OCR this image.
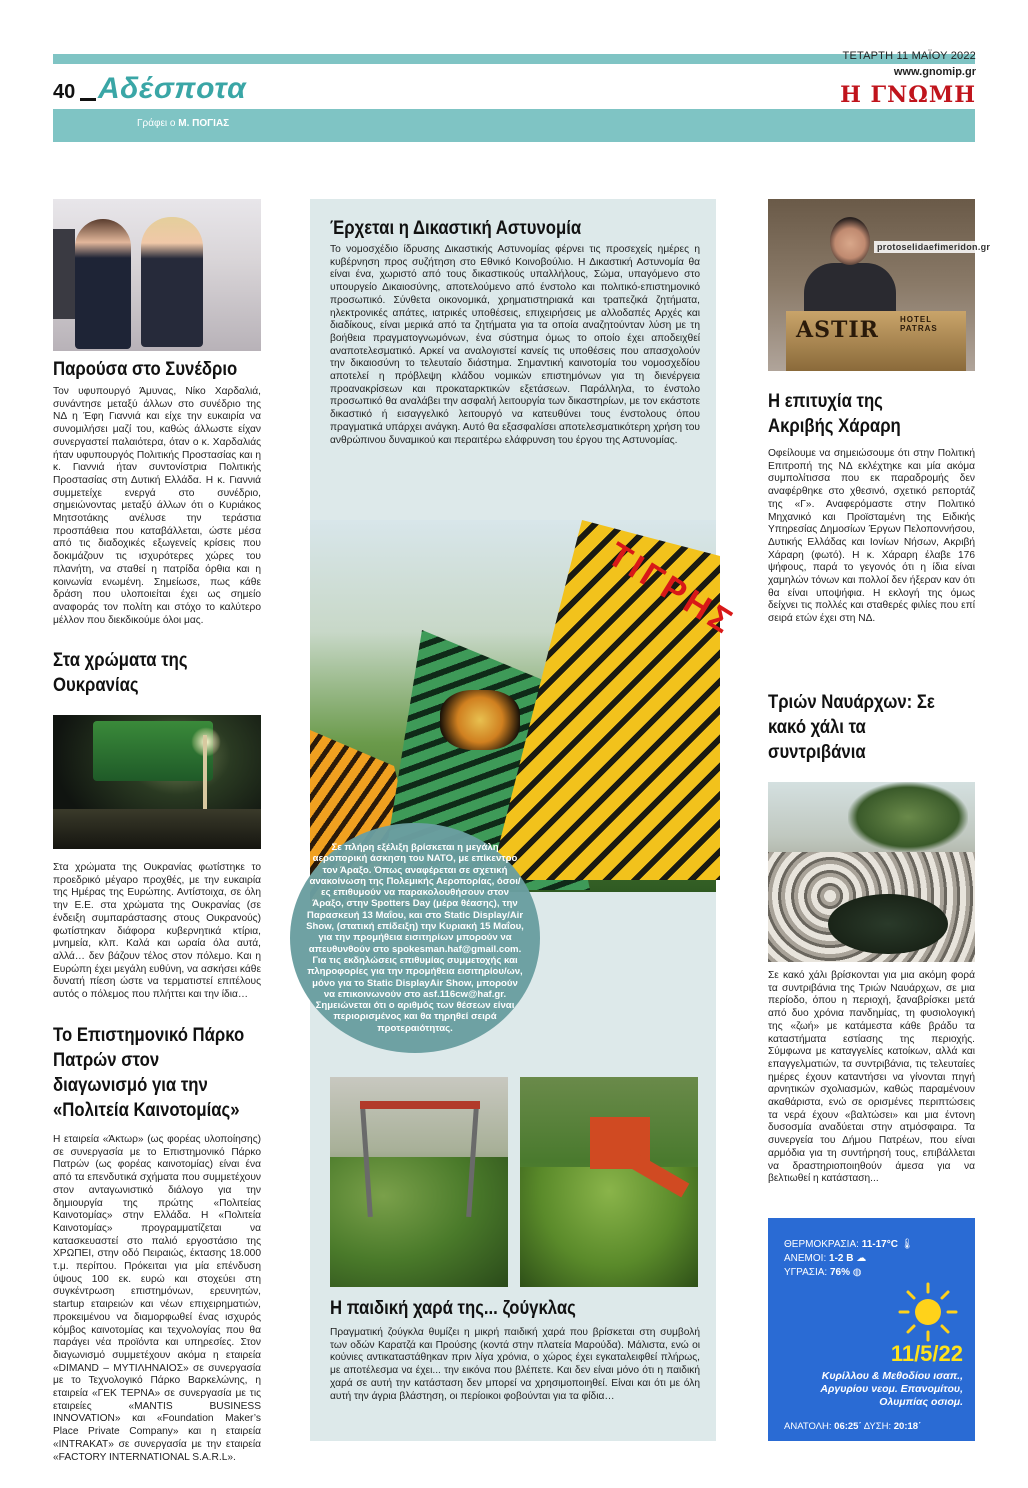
ΤΕΤΑΡΤΗ 11 ΜΑΪΟΥ 2022
www.gnomip.gr
40 Αδέσποτα	Η ΓΝΩΜΗ
Γράφει ο Μ. ΠΟΓΙΑΣ
Παρούσα στο Συνέδριο
Τον υφυπουργό Άμυνας, Νίκο Χαρδαλιά, συνάντησε μεταξύ άλλων στο συνέδριο της ΝΔ η Έφη Γιαννιά και είχε την ευκαιρία να συνομιλήσει μαζί του, καθώς άλλωστε είχαν συνεργαστεί παλαιότερα, όταν ο κ. Χαρδαλιάς ήταν υφυπουργός Πολιτικής Προστασίας και η κ. Γιαννιά ήταν συντονίστρια Πολιτικής Προστασίας στη Δυτική Ελλάδα. Η κ. Γιαννιά συμμετείχε ενεργά στο συνέδριο, σημειώνοντας μεταξύ άλλων ότι ο Κυριάκος Μητσοτάκης ανέλυσε την τεράστια προσπάθεια που καταβάλλεται, ώστε μέσα από τις διαδοχικές εξωγενείς κρίσεις που δοκιμάζουν τις ισχυρότερες χώρες του πλανήτη, να σταθεί η πατρίδα όρθια και η κοινωνία ενωμένη. Σημείωσε, πως κάθε δράση που υλοποιείται έχει ως σημείο αναφοράς τον πολίτη και στόχο το καλύτερο μέλλον που διεκδικούμε όλοι μας.
Στα χρώματα της Ουκρανίας
Στα χρώματα της Ουκρανίας φωτίστηκε το προεδρικό μέγαρο προχθές, με την ευκαιρία της Ημέρας της Ευρώπης. Αντίστοιχα, σε όλη την Ε.Ε. στα χρώματα της Ουκρανίας (σε ένδειξη συμπαράστασης στους Ουκρανούς) φωτίστηκαν διάφορα κυβερνητικά κτίρια, μνημεία, κλπ. Καλά και ωραία όλα αυτά, αλλά… δεν βάζουν τέλος στον πόλεμο. Και η Ευρώπη έχει μεγάλη ευθύνη, να ασκήσει κάθε δυνατή πίεση ώστε να τερματιστεί επιτέλους αυτός ο πόλεμος που πλήττει και την ίδια…
Το Επιστημονικό Πάρκο Πατρών στον διαγωνισμό για την «Πολιτεία Καινοτομίας»
Η εταιρεία «Άκτωρ» (ως φορέας υλοποίησης) σε συνεργασία με το Επιστημονικό Πάρκο Πατρών (ως φορέας καινοτομίας) είναι ένα από τα επενδυτικά σχήματα που συμμετέχουν στον ανταγωνιστικό διάλογο για την δημιουργία της πρώτης «Πολιτείας Καινοτομίας» στην Ελλάδα. Η «Πολιτεία Καινοτομίας» προγραμματίζεται να κατασκευαστεί στο παλιό εργοστάσιο της ΧΡΩΠΕΙ, στην οδό Πειραιώς, έκτασης 18.000 τ.μ. περίπου. Πρόκειται για μία επένδυση ύψους 100 εκ. ευρώ και στοχεύει στη συγκέντρωση επιστημόνων, ερευνητών, startup εταιρειών και νέων επιχειρηματιών, προκειμένου να διαμορφωθεί ένας ισχυρός κόμβος καινοτομίας και τεχνολογίας που θα παράγει νέα προϊόντα και υπηρεσίες. Στον διαγωνισμό συμμετέχουν ακόμα η εταιρεία «DIMAND – ΜΥΤΙΛΗΝΑΙΟΣ» σε συνεργασία με το Τεχνολογικό Πάρκο Βαρκελώνης, η εταιρεία «ΓΕΚ ΤΕΡΝΑ» σε συνεργασία με τις εταιρείες «MANTIS BUSINESS INNOVATION» και «Foundation Maker’s Place Private Company» και η εταιρεία «INTRAKAT» σε συνεργασία με την εταιρεία «FACTORY INTERNATIONAL S.A.R.L».
Έρχεται η Δικαστική Αστυνομία
Το νομοσχέδιο ίδρυσης Δικαστικής Αστυνομίας φέρνει τις προσεχείς ημέρες η κυβέρνηση προς συζήτηση στο Εθνικό Κοινοβούλιο. Η Δικαστική Αστυνομία θα είναι ένα, χωριστό από τους δικαστικούς υπαλλήλους, Σώμα, υπαγόμενο στο υπουργείο Δικαιοσύνης, αποτελούμενο από ένστολο και πολιτικό-επιστημονικό προσωπικό. Σύνθετα οικονομικά, χρηματιστηριακά και τραπεζικά ζητήματα, ηλεκτρονικές απάτες, ιατρικές υποθέσεις, επιχειρήσεις με αλλοδαπές Αρχές και διαδίκους, είναι μερικά από τα ζητήματα για τα οποία αναζητούνταν λύση με τη βοήθεια πραγματογνωμόνων, ένα σύστημα όμως το οποίο έχει αποδειχθεί αναποτελεσματικό. Αρκεί να αναλογιστεί κανείς τις υποθέσεις που απασχολούν την δικαιοσύνη το τελευταίο διάστημα. Σημαντική καινοτομία του νομοσχεδίου αποτελεί η πρόβλεψη κλάδου νομικών επιστημόνων για τη διενέργεια προανακρίσεων και προκαταρκτικών εξετάσεων. Παράλληλα, το ένστολο προσωπικό θα αναλάβει την ασφαλή λειτουργία των δικαστηρίων, με τον εκάστοτε δικαστικό ή εισαγγελικό λειτουργό να κατευθύνει τους ένστολους όπου πραγματικά υπάρχει ανάγκη. Αυτό θα εξασφαλίσει αποτελεσματικότερη χρήση του ανθρώπινου δυναμικού και περαιτέρω ελάφρυνση του έργου της Αστυνομίας.
ΤΙΓΡΗΣ
Σε πλήρη εξέλιξη βρίσκεται η μεγάλη αεροπορική άσκηση του ΝΑΤΟ, με επίκεντρο τον Άραξο. Όπως αναφέρεται σε σχετική ανακοίνωση της Πολεμικής Αεροπορίας, όσοι/ες επιθυμούν να παρακολουθήσουν στον Άραξο, στην Spotters Day (μέρα θέασης), την Παρασκευή 13 Μαΐου, και στο Static Display/Air Show, (στατική επίδειξη) την Κυριακή 15 Μαΐου, για την προμήθεια εισιτηρίων μπορούν να απευθυνθούν στο spokesman.haf@gmail.com. Για τις εκδηλώσεις επιθυμίας συμμετοχής και πληροφορίες για την προμήθεια εισιτηρίου/ων, μόνο για το Static DisplayAir Show, μπορούν να επικοινωνούν στο asf.116cw@haf.gr. Σημειώνεται ότι ο αριθμός των θέσεων είναι περιορισμένος και θα τηρηθεί σειρά προτεραιότητας.
Η παιδική χαρά της... ζούγκλας
Πραγματική ζούγκλα θυμίζει η μικρή παιδική χαρά που βρίσκεται στη συμβολή των οδών Καρατζά και Προύσης (κοντά στην πλατεία Μαρούδα). Μάλιστα, ενώ οι κούνιες αντικαταστάθηκαν πριν λίγα χρόνια, ο χώρος έχει εγκαταλειφθεί πλήρως, με αποτέλεσμα να έχει... την εικόνα που βλέπετε. Και δεν είναι μόνο ότι η παιδική χαρά σε αυτή την κατάσταση δεν μπορεί να χρησιμοποιηθεί. Είναι και ότι με όλη αυτή την άγρια βλάστηση, οι περίοικοι φοβούνται για τα φίδια…
ASTIR	HOTEL PATRAS
protoselidaefimeridon.gr
Η επιτυχία της Ακριβής Χάραρη
Οφείλουμε να σημειώσουμε ότι στην Πολιτική Επιτροπή της ΝΔ εκλέχτηκε και μία ακόμα συμπολίτισσα που εκ παραδρομής δεν αναφέρθηκε στο χθεσινό, σχετικό ρεπορτάζ της «Γ». Αναφερόμαστε στην Πολιτικό Μηχανικό και Προϊσταμένη της Ειδικής Υπηρεσίας Δημοσίων Έργων Πελοποννήσου, Δυτικής Ελλάδας και Ιονίων Νήσων, Ακριβή Χάραρη (φωτό). Η κ. Χάραρη έλαβε 176 ψήφους, παρά το γεγονός ότι η ίδια είναι χαμηλών τόνων και πολλοί δεν ήξεραν καν ότι θα είναι υποψήφια. Η εκλογή της όμως δείχνει τις πολλές και σταθερές φιλίες που επί σειρά ετών έχει στη ΝΔ.
Τριών Ναυάρχων: Σε κακό χάλι τα συντριβάνια
Σε κακό χάλι βρίσκονται για μια ακόμη φορά τα συντριβάνια της Τριών Ναυάρχων, σε μια περίοδο, όπου η περιοχή, ξαναβρίσκει μετά από δυο χρόνια πανδημίας, τη φυσιολογική της «ζωή» με κατάμεστα κάθε βράδυ τα καταστήματα εστίασης της περιοχής. Σύμφωνα με καταγγελίες κατοίκων, αλλά και επαγγελματιών, τα συντριβάνια, τις τελευταίες ημέρες έχουν καταντήσει να γίνονται πηγή αρνητικών σχολιασμών, καθώς παραμένουν ακαθάριστα, ενώ σε ορισμένες περιπτώσεις τα νερά έχουν «βαλτώσει» και μια έντονη δυσοσμία αναδύεται στην ατμόσφαιρα. Τα συνεργεία του Δήμου Πατρέων, που είναι αρμόδια για τη συντήρησή τους, επιβάλλεται να δραστηριοποιηθούν άμεσα για να βελτιωθεί η κατάσταση...
ΘΕΡΜΟΚΡΑΣΙΑ: 11-17°C 🌡
ΑΝΕΜΟΙ: 1-2 Β ☁
ΥΓΡΑΣΙΑ: 76% ◍
11/5/22
Κυρίλλου & Μεθοδίου ισαπ., Αργυρίου νεομ. Επανομίτου, Ολυμπίας οσιομ.
ΑΝΑΤΟΛΗ: 06:25΄ ΔΥΣΗ: 20:18΄
